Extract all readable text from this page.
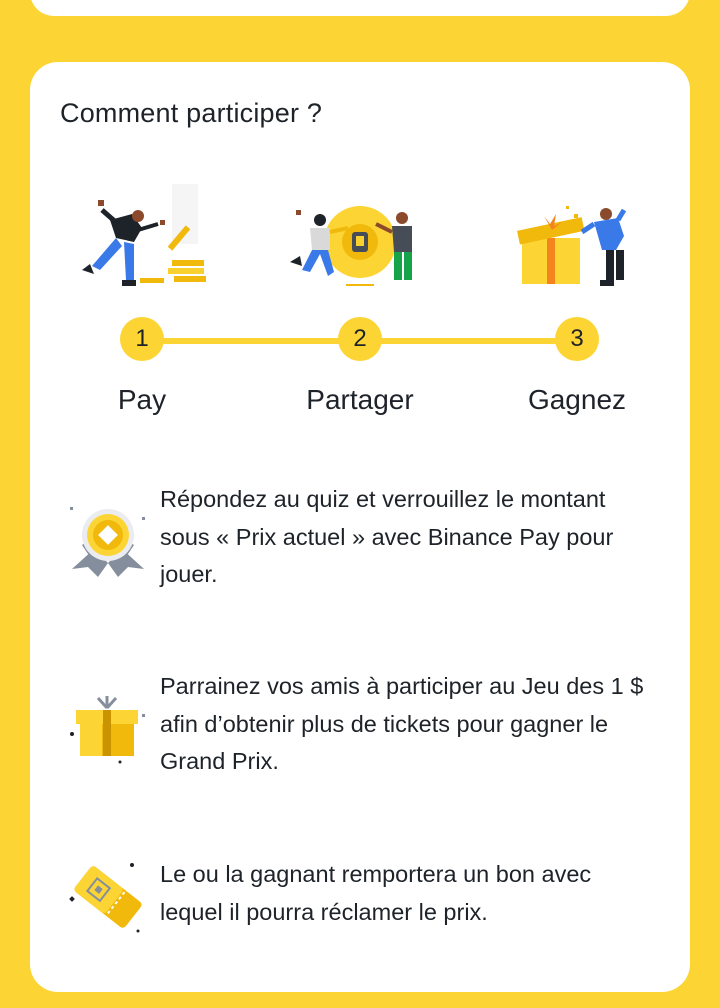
Comment participer ?
1	2	3
Pay	Partager	Gagnez
Répondez au quiz et verrouillez le montant sous « Prix actuel » avec Binance Pay pour jouer.
Parrainez vos amis à participer au Jeu des 1 $ afin d’obtenir plus de tickets pour gagner le Grand Prix.
Le ou la gagnant remportera un bon avec lequel il pourra réclamer le prix.
